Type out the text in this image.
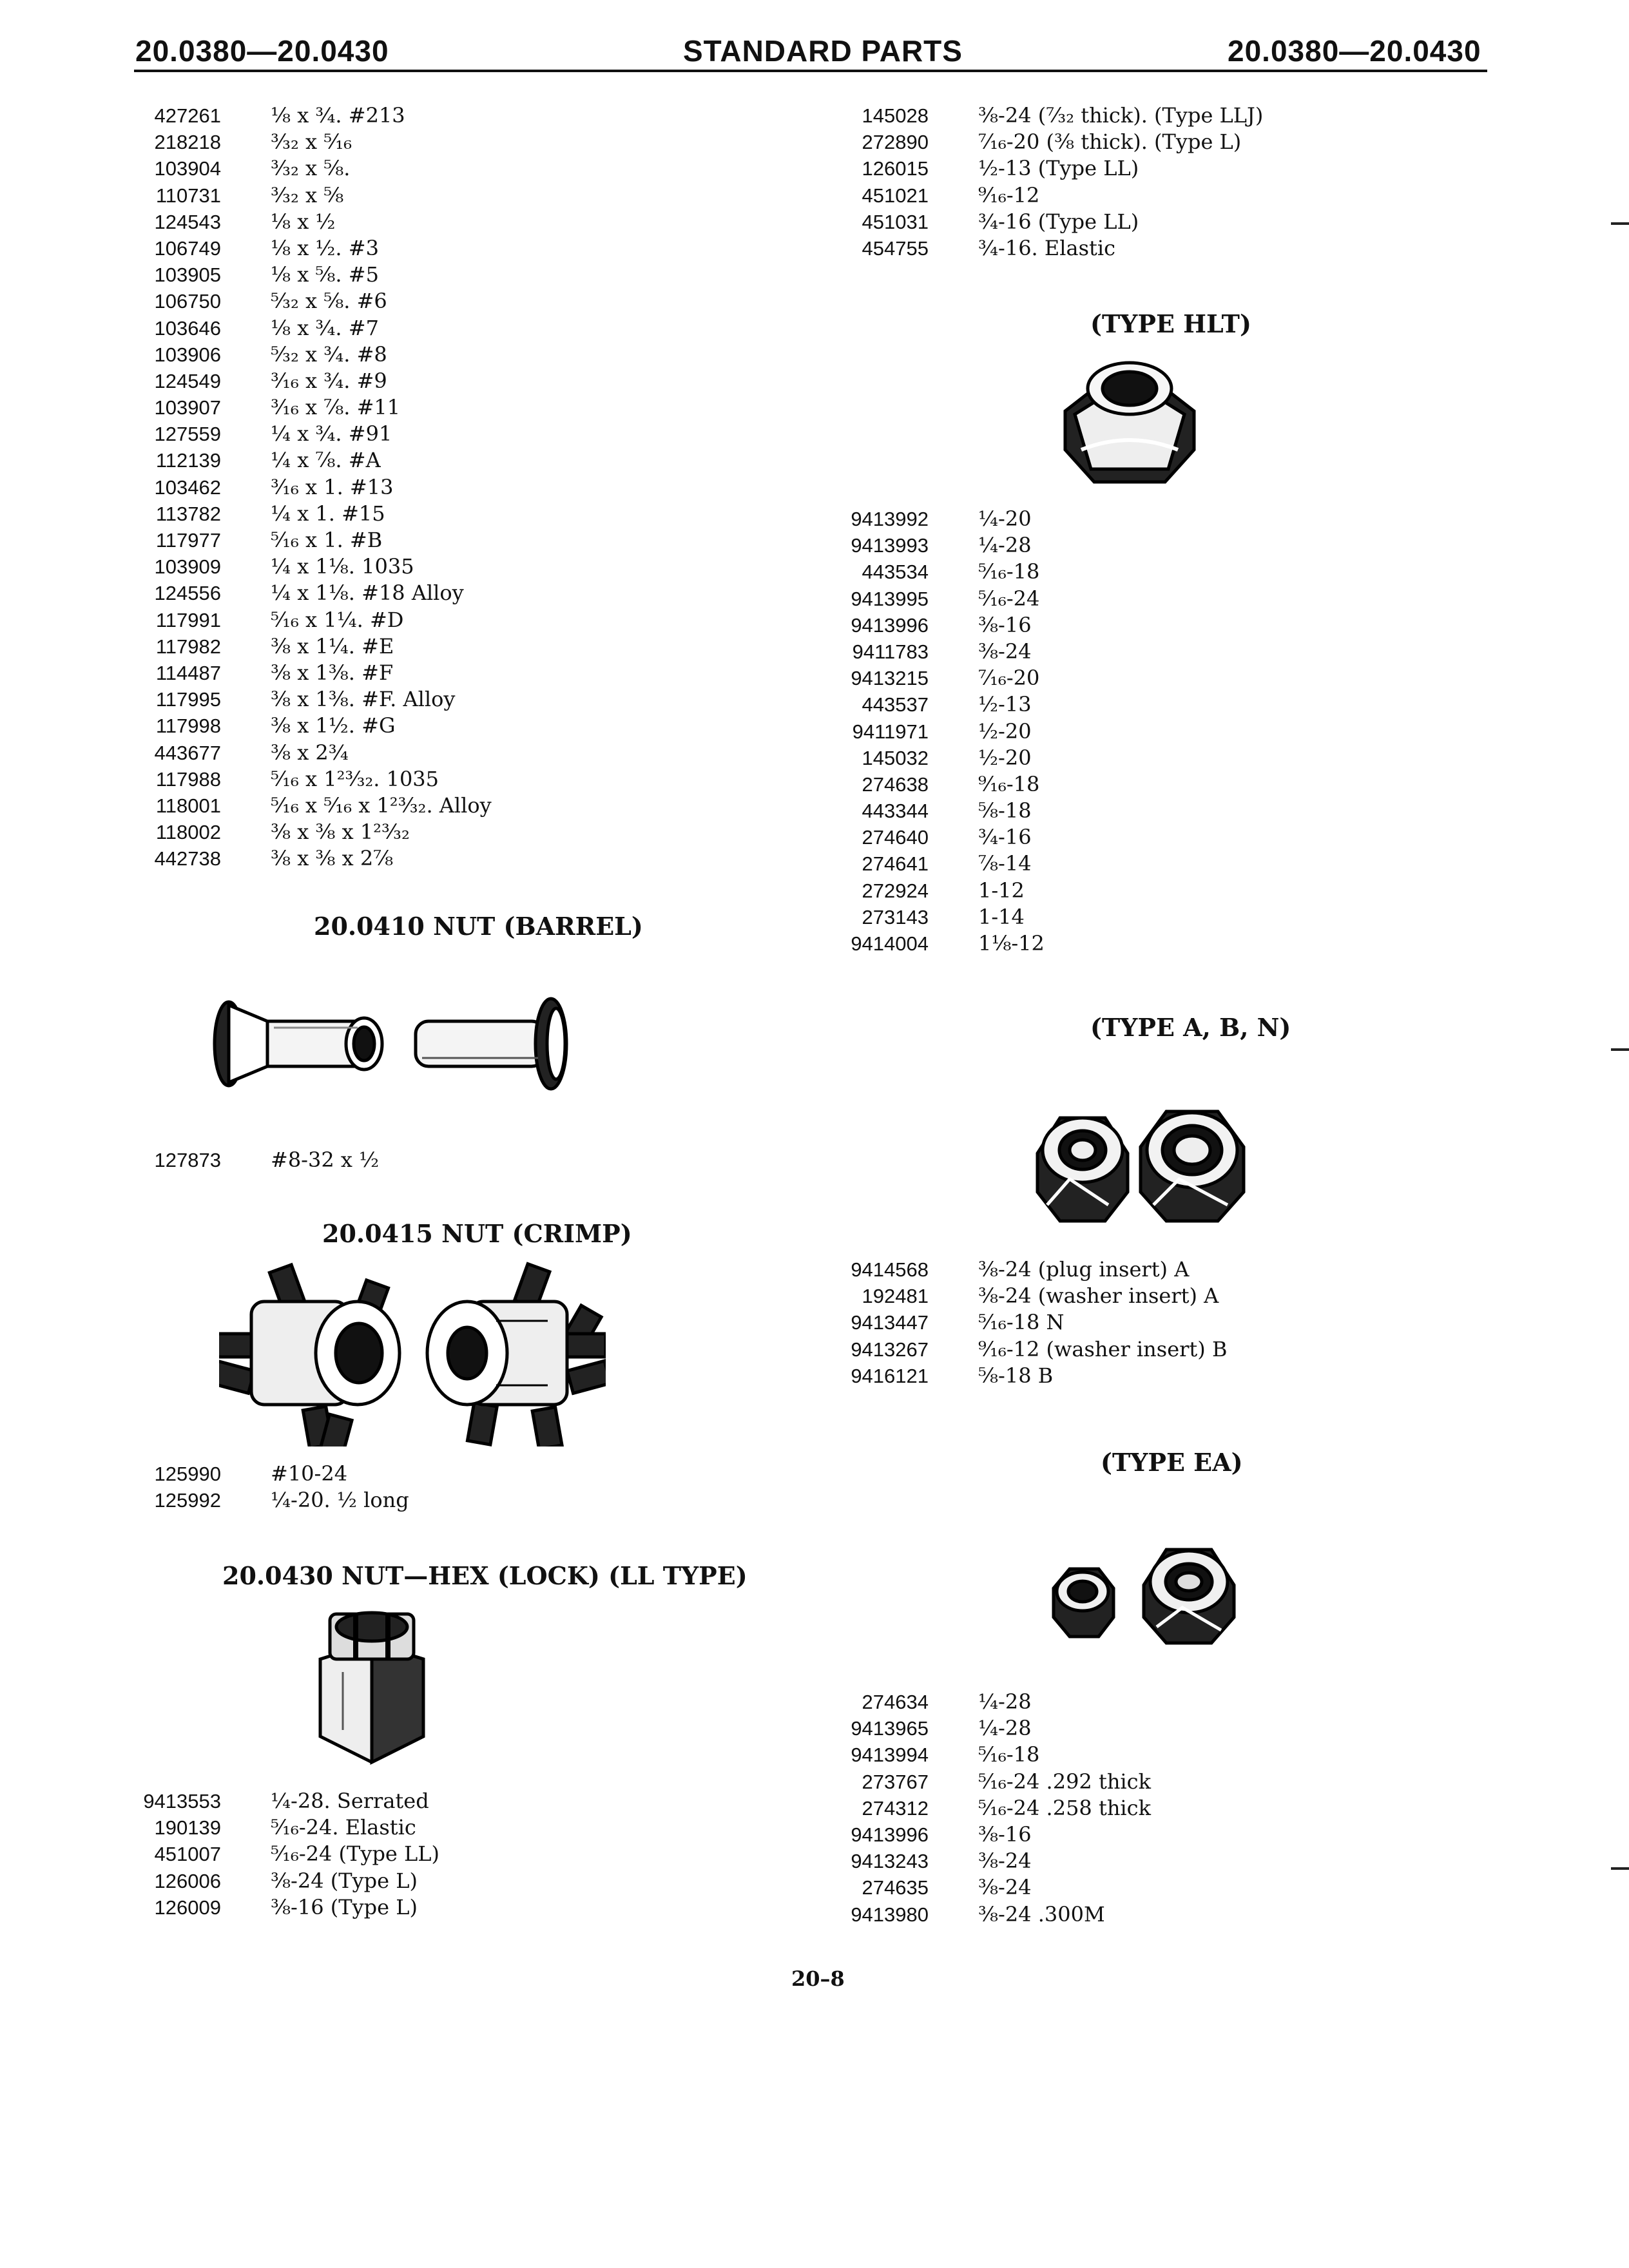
20.0380—20.0430	STANDARD PARTS	20.0380—20.0430
427261	⅛ x ¾. #213
218218	³⁄₃₂ x ⁵⁄₁₆
103904	³⁄₃₂ x ⅝.
110731	³⁄₃₂ x ⅝
124543	⅛ x ½
106749	⅛ x ½. #3
103905	⅛ x ⅝. #5
106750	⁵⁄₃₂ x ⅝. #6
103646	⅛ x ¾. #7
103906	⁵⁄₃₂ x ¾. #8
124549	³⁄₁₆ x ¾. #9
103907	³⁄₁₆ x ⅞. #11
127559	¼ x ¾. #91
112139	¼ x ⅞. #A
103462	³⁄₁₆ x 1. #13
113782	¼ x 1. #15
117977	⁵⁄₁₆ x 1. #B
103909	¼ x 1⅛. 1035
124556	¼ x 1⅛. #18 Alloy
117991	⁵⁄₁₆ x 1¼. #D
117982	⅜ x 1¼. #E
114487	⅜ x 1⅜. #F
117995	⅜ x 1⅜. #F. Alloy
117998	⅜ x 1½. #G
443677	⅜ x 2¾
117988	⁵⁄₁₆ x 1²³⁄₃₂. 1035
118001	⁵⁄₁₆ x ⁵⁄₁₆ x 1²³⁄₃₂. Alloy
118002	⅜ x ⅜ x 1²³⁄₃₂
442738	⅜ x ⅜ x 2⅞
20.0410 NUT (BARREL)
127873	#8-32 x ½
20.0415 NUT (CRIMP)
125990	#10-24
125992	¼-20. ½ long
20.0430 NUT—HEX (LOCK) (LL TYPE)
9413553	¼-28. Serrated
190139	⁵⁄₁₆-24. Elastic
451007	⁵⁄₁₆-24 (Type LL)
126006	⅜-24 (Type L)
126009	⅜-16 (Type L)
145028	⅜-24 (⁷⁄₃₂ thick). (Type LLJ)
272890	⁷⁄₁₆-20 (⅜ thick). (Type L)
126015	½-13 (Type LL)
451021	⁹⁄₁₆-12
451031	¾-16 (Type LL)
454755	¾-16. Elastic
(TYPE HLT)
9413992	¼-20
9413993	¼-28
443534	⁵⁄₁₆-18
9413995	⁵⁄₁₆-24
9413996	⅜-16
9411783	⅜-24
9413215	⁷⁄₁₆-20
443537	½-13
9411971	½-20
145032	½-20
274638	⁹⁄₁₆-18
443344	⅝-18
274640	¾-16
274641	⅞-14
272924	1-12
273143	1-14
9414004	1⅛-12
(TYPE A, B, N)
9414568	⅜-24 (plug insert) A
192481	⅜-24 (washer insert) A
9413447	⁵⁄₁₆-18 N
9413267	⁹⁄₁₆-12 (washer insert) B
9416121	⅝-18 B
(TYPE EA)
274634	¼-28
9413965	¼-28
9413994	⁵⁄₁₆-18
273767	⁵⁄₁₆-24 .292 thick
274312	⁵⁄₁₆-24 .258 thick
9413996	⅜-16
9413243	⅜-24
274635	⅜-24
9413980	⅜-24 .300M
20–8
